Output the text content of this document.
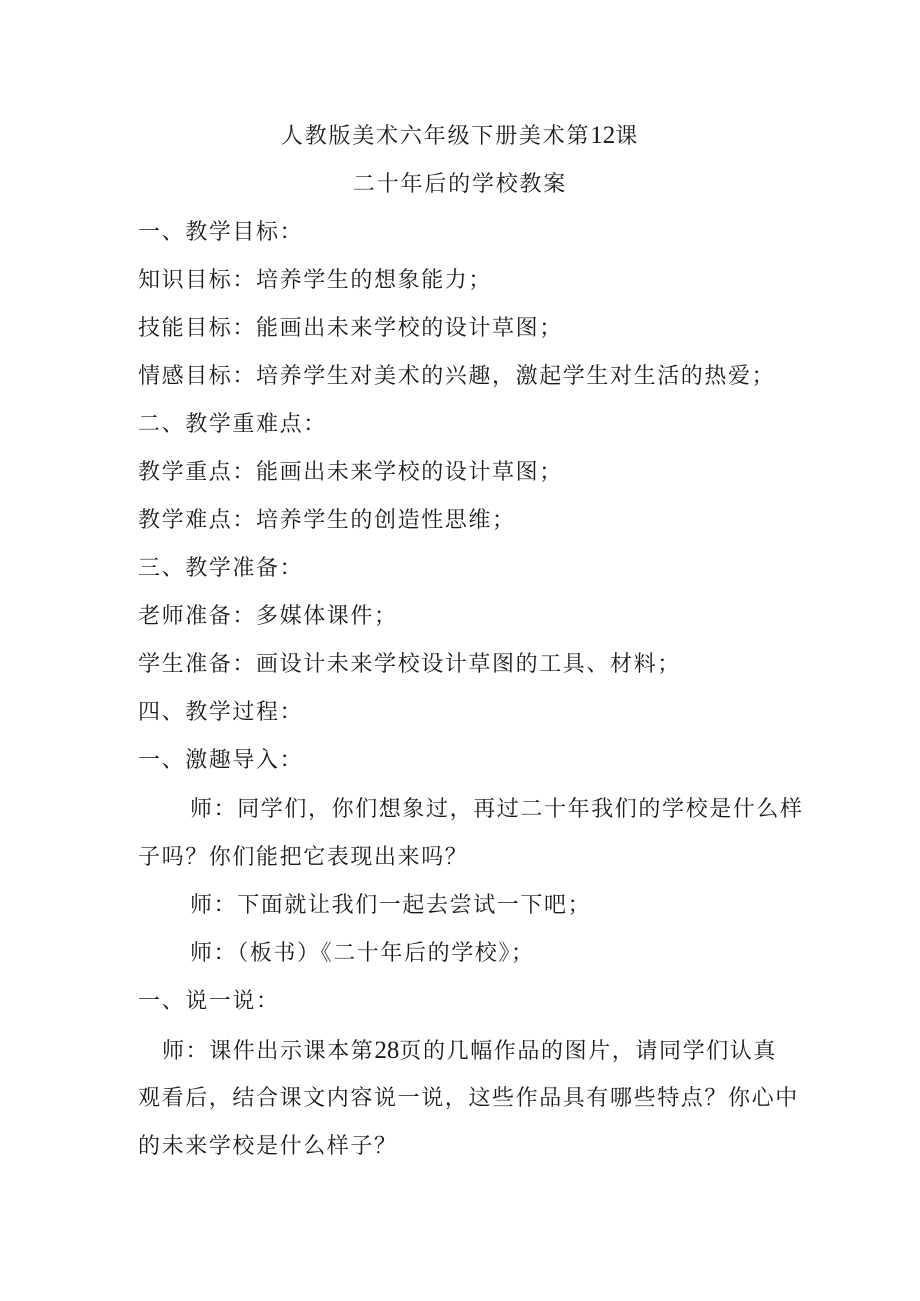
人教版美术六年级下册美术第12课
二十年后的学校教案
一、教学目标：
知识目标：培养学生的想象能力；
技能目标：能画出未来学校的设计草图；
情感目标：培养学生对美术的兴趣，激起学生对生活的热爱；
二、教学重难点：
教学重点：能画出未来学校的设计草图；
教学难点：培养学生的创造性思维；
三、教学准备：
老师准备：多媒体课件；
学生准备：画设计未来学校设计草图的工具、材料；
四、教学过程：
一、激趣导入：
师：同学们，你们想象过，再过二十年我们的学校是什么样
子吗？你们能把它表现出来吗？
师：下面就让我们一起去尝试一下吧；
师：（板书）《二十年后的学校》；
一、说一说：
师：课件出示课本第28页的几幅作品的图片，请同学们认真
观看后，结合课文内容说一说，这些作品具有哪些特点？你心中
的未来学校是什么样子？
